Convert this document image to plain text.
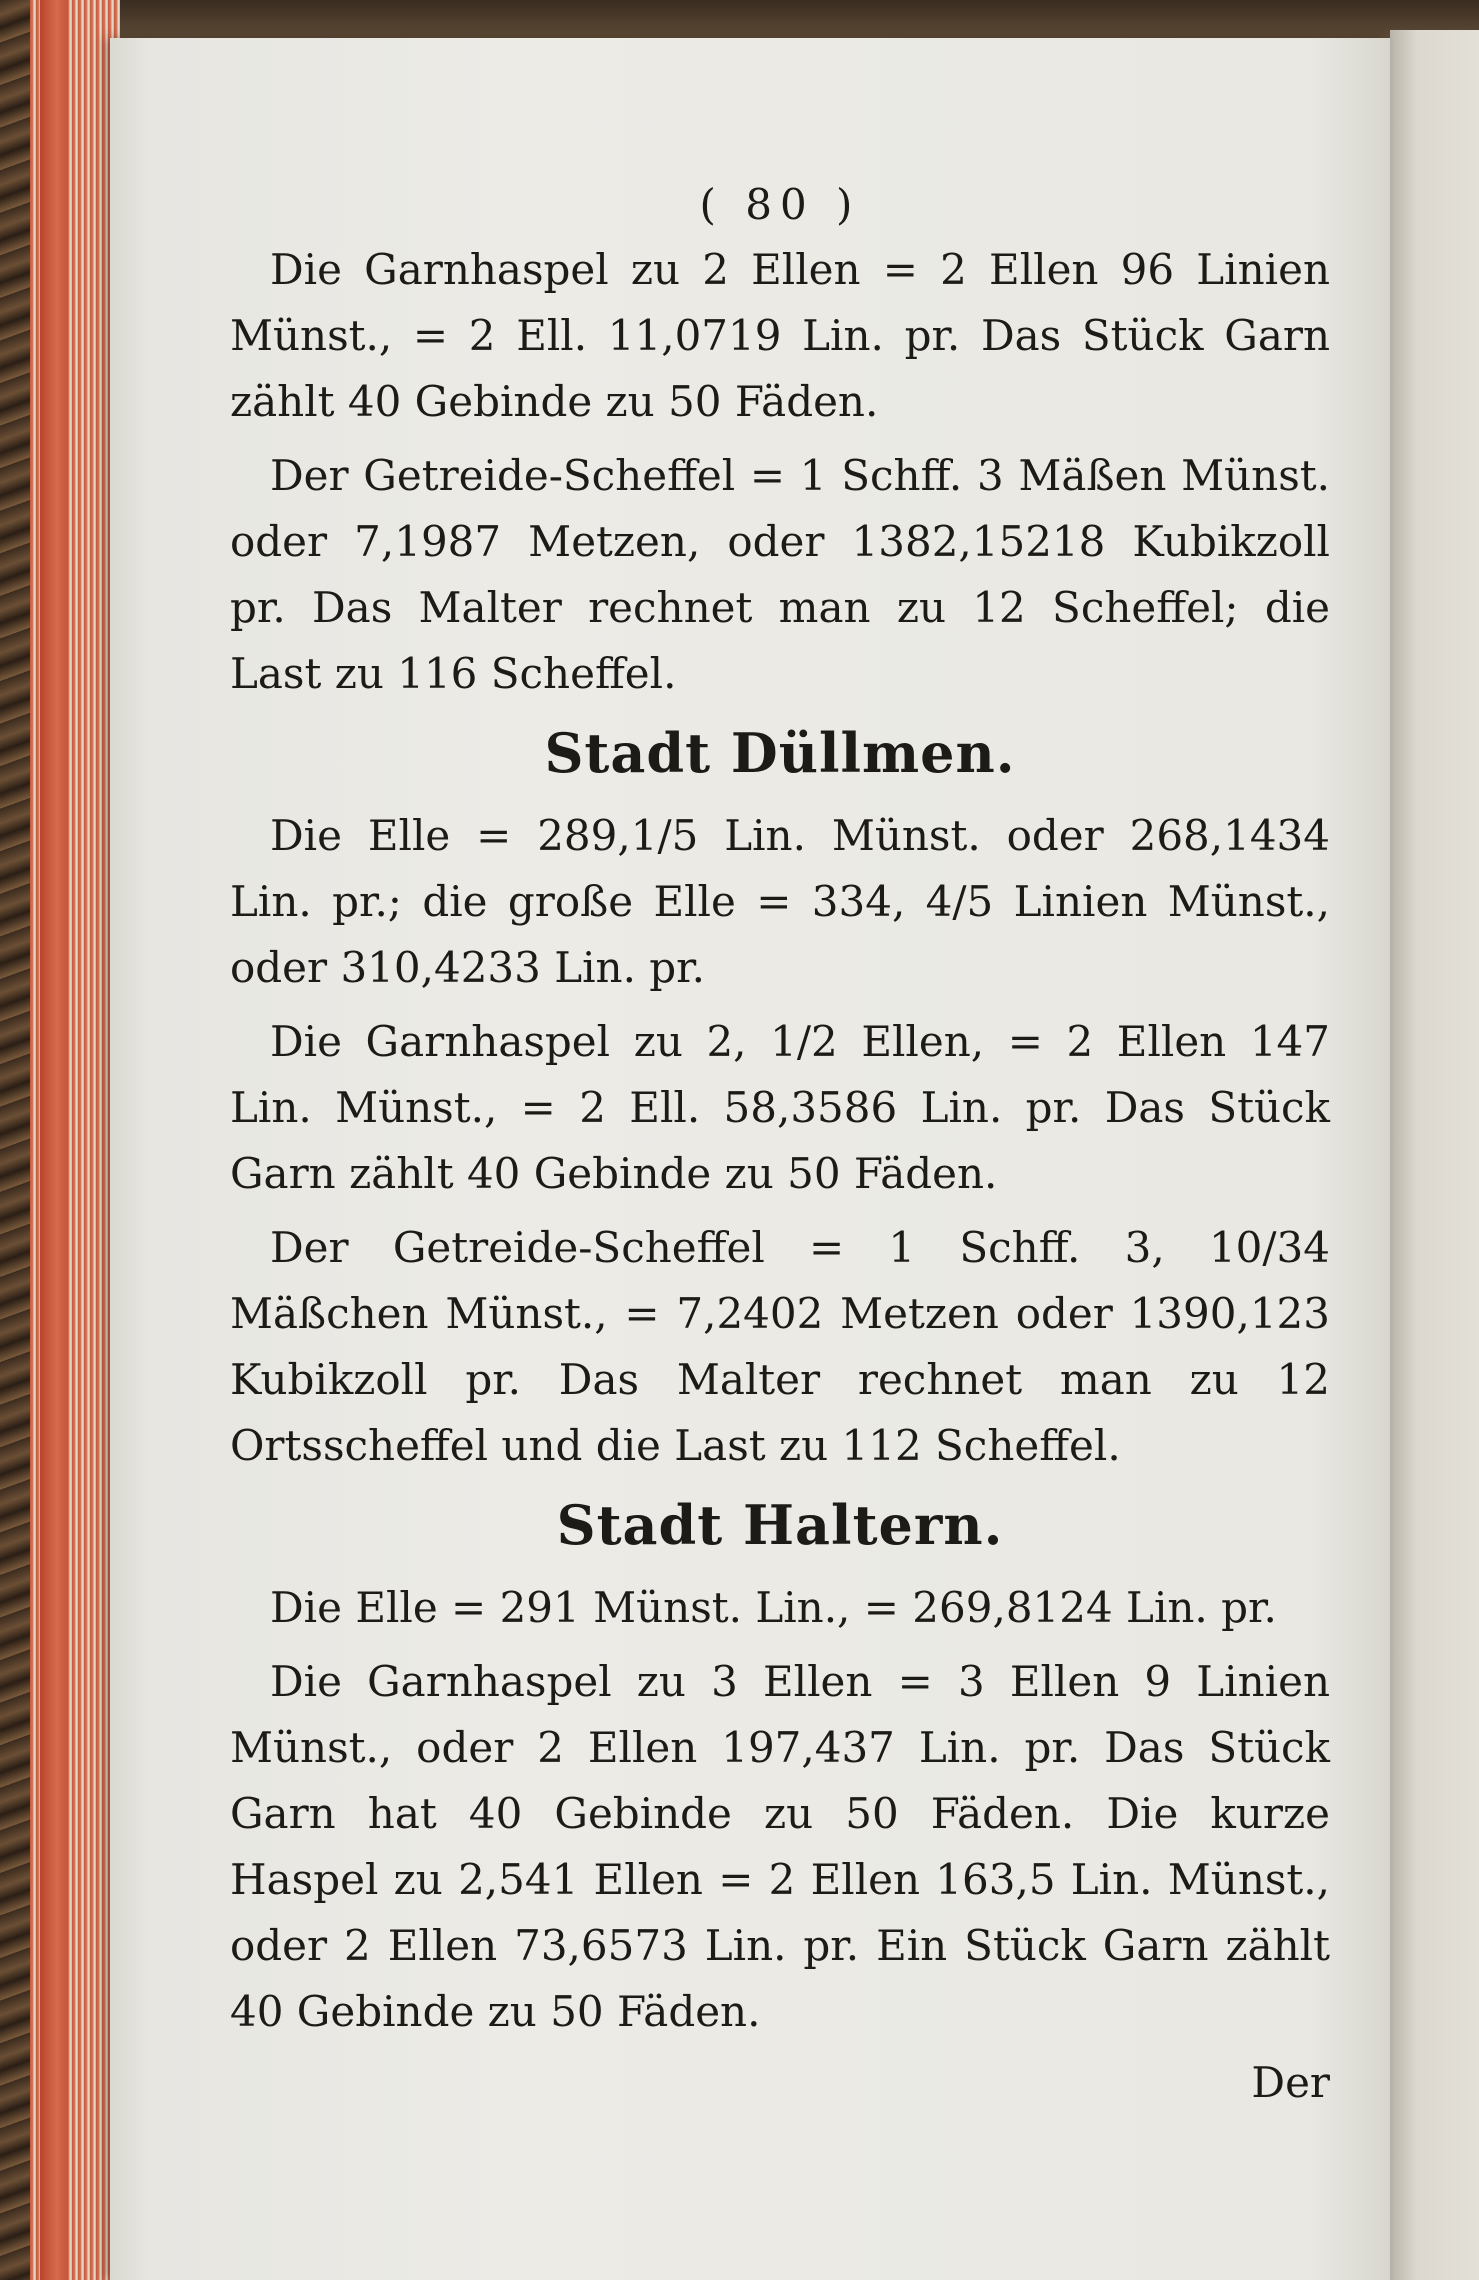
( 80 )
Die Garnhaspel zu 2 Ellen = 2 Ellen 96 Linien Münst., = 2 Ell. 11,0719 Lin. pr. Das Stück Garn zählt 40 Gebinde zu 50 Fäden.
Der Getreide-Scheffel = 1 Schff. 3 Mäßen Münst. oder 7,1987 Metzen, oder 1382,15218 Kubikzoll pr. Das Malter rechnet man zu 12 Scheffel; die Last zu 116 Scheffel.
Stadt Düllmen.
Die Elle = 289,1/5 Lin. Münst. oder 268,1434 Lin. pr.; die große Elle = 334, 4/5 Linien Münst., oder 310,4233 Lin. pr.
Die Garnhaspel zu 2, 1/2 Ellen, = 2 Ellen 147 Lin. Münst., = 2 Ell. 58,3586 Lin. pr. Das Stück Garn zählt 40 Gebinde zu 50 Fäden.
Der Getreide-Scheffel = 1 Schff. 3, 10/34 Mäßchen Münst., = 7,2402 Metzen oder 1390,123 Kubikzoll pr. Das Malter rechnet man zu 12 Ortsscheffel und die Last zu 112 Scheffel.
Stadt Haltern.
Die Elle = 291 Münst. Lin., = 269,8124 Lin. pr.
Die Garnhaspel zu 3 Ellen = 3 Ellen 9 Linien Münst., oder 2 Ellen 197,437 Lin. pr. Das Stück Garn hat 40 Gebinde zu 50 Fäden. Die kurze Haspel zu 2,541 Ellen = 2 Ellen 163,5 Lin. Münst., oder 2 Ellen 73,6573 Lin. pr. Ein Stück Garn zählt 40 Gebinde zu 50 Fäden.
Der
